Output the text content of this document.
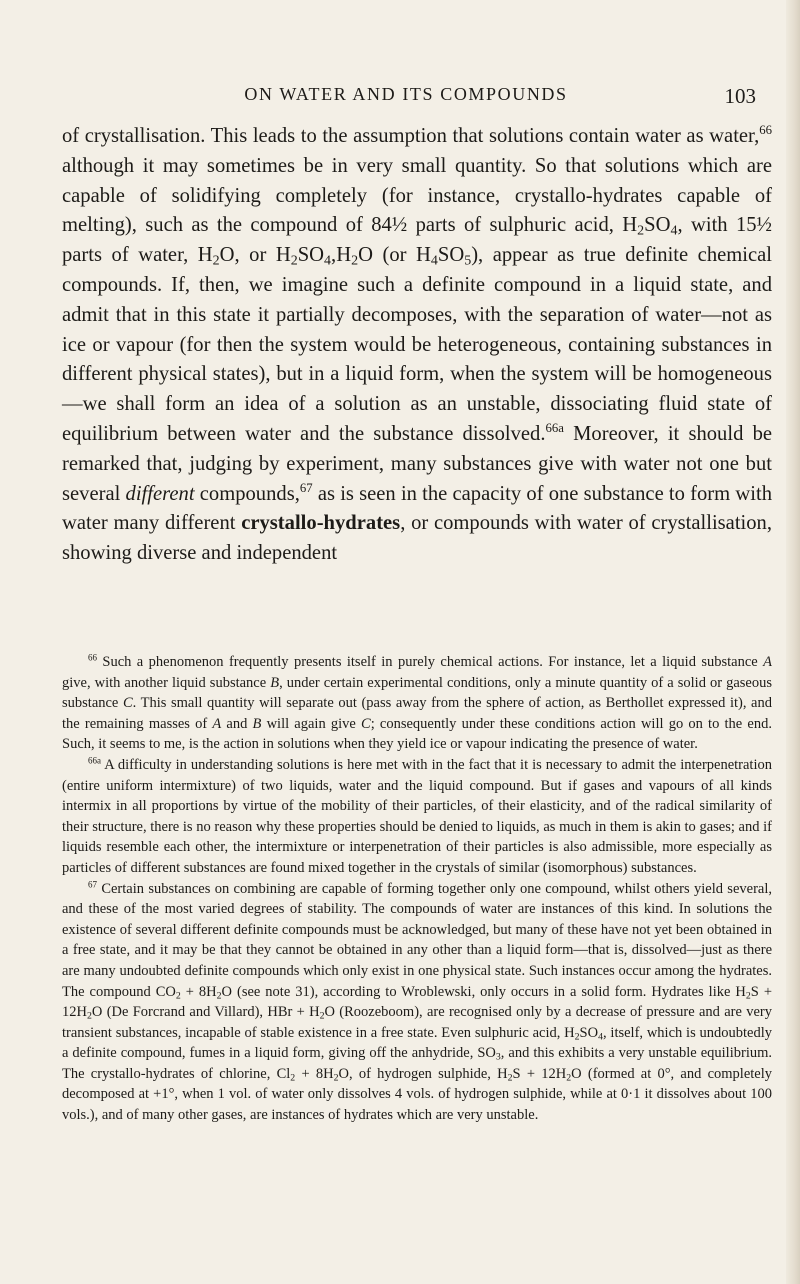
ON WATER AND ITS COMPOUNDS	103

of crystallisation. This leads to the assumption that solutions contain water as water,$^{66}$ although it may sometimes be in very small quantity. So that solutions which are capable of solidifying completely (for instance, crystallo-hydrates capable of melting), such as the compound of 84½ parts of sulphuric acid, $H_2SO_4$, with 15½ parts of water, $H_2O$, or $H_2SO_4,H_2O$ (or $H_4SO_5$), appear as true definite chemical compounds. If, then, we imagine such a definite compound in a liquid state, and admit that in this state it partially decomposes, with the separation of water—not as ice or vapour (for then the system would be heterogeneous, containing substances in different physical states), but in a liquid form, when the system will be homogeneous—we shall form an idea of a solution as an unstable, dissociating fluid state of equilibrium between water and the substance dissolved.$^{66a}$ Moreover, it should be remarked that, judging by experiment, many substances give with water not one but several different compounds,$^{67}$ as is seen in the capacity of one substance to form with water many different crystallo-hydrates, or compounds with water of crystallisation, showing diverse and independent

$^{66}$ Such a phenomenon frequently presents itself in purely chemical actions. For instance, let a liquid substance A give, with another liquid substance B, under certain experimental conditions, only a minute quantity of a solid or gaseous substance C. This small quantity will separate out (pass away from the sphere of action, as Berthollet expressed it), and the remaining masses of A and B will again give C; consequently under these conditions action will go on to the end. Such, it seems to me, is the action in solutions when they yield ice or vapour indicating the presence of water.

$^{66a}$ A difficulty in understanding solutions is here met with in the fact that it is necessary to admit the interpenetration (entire uniform intermixture) of two liquids, water and the liquid compound. But if gases and vapours of all kinds intermix in all proportions by virtue of the mobility of their particles, of their elasticity, and of the radical similarity of their structure, there is no reason why these properties should be denied to liquids, as much in them is akin to gases; and if liquids resemble each other, the intermixture or interpenetration of their particles is also admissible, more especially as particles of different substances are found mixed together in the crystals of similar (isomorphous) substances.

$^{67}$ Certain substances on combining are capable of forming together only one compound, whilst others yield several, and these of the most varied degrees of stability. The compounds of water are instances of this kind. In solutions the existence of several different definite compounds must be acknowledged, but many of these have not yet been obtained in a free state, and it may be that they cannot be obtained in any other than a liquid form—that is, dissolved—just as there are many undoubted definite compounds which only exist in one physical state. Such instances occur among the hydrates. The compound $CO_2 + 8H_2O$ (see note 31), according to Wroblewski, only occurs in a solid form. Hydrates like $H_2S + 12H_2O$ (De Forcrand and Villard), HBr + $H_2O$ (Roozeboom), are recognised only by a decrease of pressure and are very transient substances, incapable of stable existence in a free state. Even sulphuric acid, $H_2SO_4$, itself, which is undoubtedly a definite compound, fumes in a liquid form, giving off the anhydride, $SO_3$, and this exhibits a very unstable equilibrium. The crystallo-hydrates of chlorine, $Cl_2 + 8H_2O$, of hydrogen sulphide, $H_2S + 12H_2O$ (formed at 0°, and completely decomposed at +1°, when 1 vol. of water only dissolves 4 vols. of hydrogen sulphide, while at 0·1 it dissolves about 100 vols.), and of many other gases, are instances of hydrates which are very unstable.
